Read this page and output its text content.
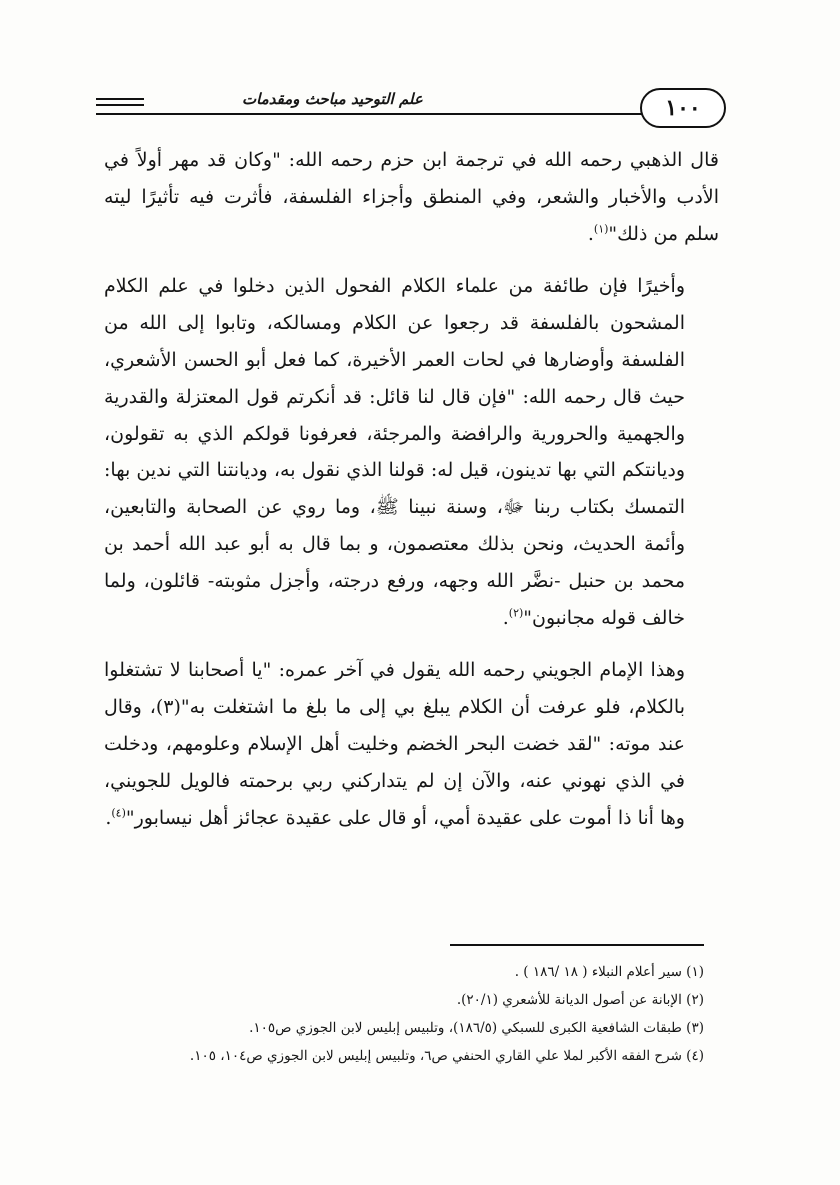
علم التوحيد مباحث ومقدمات	١٠٠

قال الذهبي رحمه الله في ترجمة ابن حزم رحمه الله: "وكان قد مهر أولاً في الأدب والأخبار والشعر، وفي المنطق وأجزاء الفلسفة، فأثرت فيه تأثيرًا ليته سلم من ذلك"$^{(١)}$.

وأخيرًا فإن طائفة من علماء الكلام الفحول الذين دخلوا في علم الكلام المشحون بالفلسفة قد رجعوا عن الكلام ومسالكه، وتابوا إلى الله من الفلسفة وأوضارها في لحات العمر الأخيرة، كما فعل أبو الحسن الأشعري، حيث قال رحمه الله: "فإن قال لنا قائل: قد أنكرتم قول المعتزلة والقدرية والجهمية والحرورية والرافضة والمرجئة، فعرفونا قولكم الذي به تقولون، وديانتكم التي بها تدينون، قيل له: قولنا الذي نقول به، وديانتنا التي ندين بها: التمسك بكتاب ربنا ﷻ، وسنة نبينا ﷺ، وما روي عن الصحابة والتابعين، وأئمة الحديث، ونحن بذلك معتصمون، و بما قال به أبو عبد الله أحمد بن محمد بن حنبل -نضَّر الله وجهه، ورفع درجته، وأجزل مثوبته- قائلون، ولما خالف قوله مجانبون"$^{(٢)}$.

وهذا الإمام الجويني رحمه الله يقول في آخر عمره: "يا أصحابنا لا تشتغلوا بالكلام، فلو عرفت أن الكلام يبلغ بي إلى ما بلغ ما اشتغلت به"(٣)، وقال عند موته: "لقد خضت البحر الخضم وخليت أهل الإسلام وعلومهم، ودخلت في الذي نهوني عنه، والآن إن لم يتداركني ربي برحمته فالويل للجويني، وها أنا ذا أموت على عقيدة أمي، أو قال على عقيدة عجائز أهل نيسابور"$^{(٤)}$.

(١) سير أعلام النبلاء ( ١٨ /١٨٦ ) .
(٢) الإبانة عن أصول الديانة للأشعري (٢٠/١).
(٣) طبقات الشافعية الكبرى للسبكي (١٨٦/٥)، وتلبيس إبليس لابن الجوزي ص١٠٥.
(٤) شرح الفقه الأكبر لملا علي القاري الحنفي ص٦، وتلبيس إبليس لابن الجوزي ص١٠٤، ١٠٥.
